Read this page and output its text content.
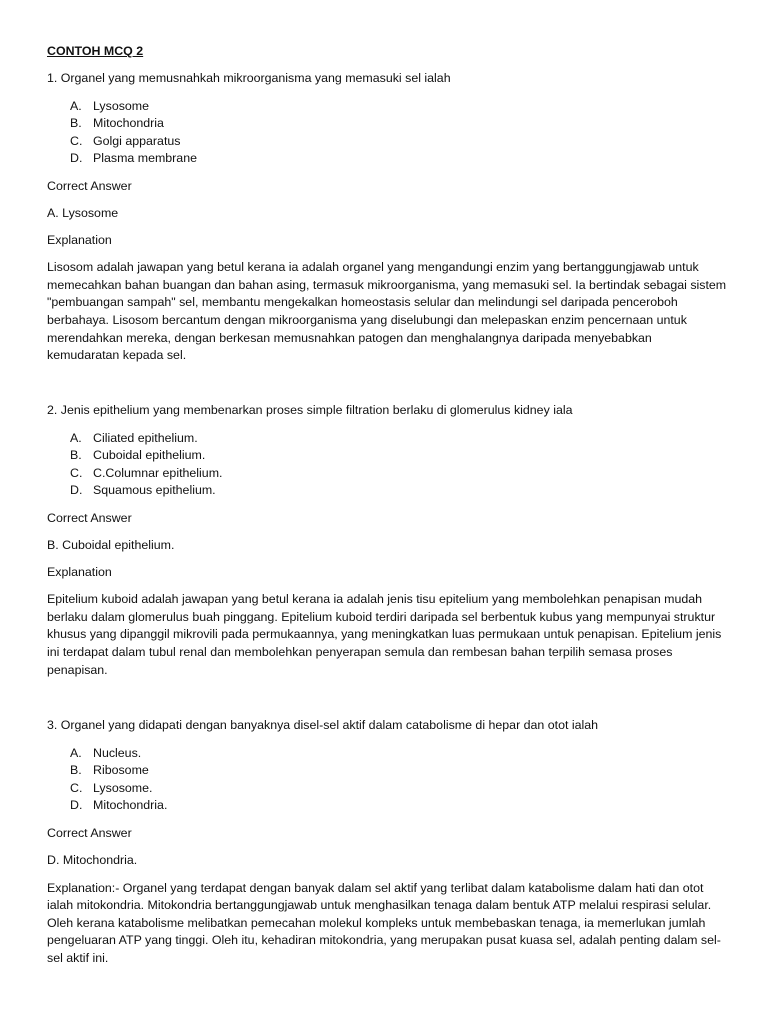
CONTOH MCQ 2

1. Organel yang memusnahkah mikroorganisma yang memasuki sel ialah

A. Lysosome
B. Mitochondria
C. Golgi apparatus
D. Plasma membrane
Correct Answer
A. Lysosome
Explanation

Lisosom adalah jawapan yang betul kerana ia adalah organel yang mengandungi enzim yang bertanggungjawab untuk memecahkan bahan buangan dan bahan asing, termasuk mikroorganisma, yang memasuki sel. Ia bertindak sebagai sistem "pembuangan sampah" sel, membantu mengekalkan homeostasis selular dan melindungi sel daripada penceroboh berbahaya. Lisosom bercantum dengan mikroorganisma yang diselubungi dan melepaskan enzim pencernaan untuk merendahkan mereka, dengan berkesan memusnahkan patogen dan menghalangnya daripada menyebabkan kemudaratan kepada sel.

2. Jenis epithelium yang membenarkan proses simple filtration berlaku di glomerulus kidney iala

A. Ciliated epithelium.
B. Cuboidal epithelium.
C. C.Columnar epithelium.
D. Squamous epithelium.
Correct Answer
B. Cuboidal epithelium.
Explanation

Epitelium kuboid adalah jawapan yang betul kerana ia adalah jenis tisu epitelium yang membolehkan penapisan mudah berlaku dalam glomerulus buah pinggang. Epitelium kuboid terdiri daripada sel berbentuk kubus yang mempunyai struktur khusus yang dipanggil mikrovili pada permukaannya, yang meningkatkan luas permukaan untuk penapisan. Epitelium jenis ini terdapat dalam tubul renal dan membolehkan penyerapan semula dan rembesan bahan terpilih semasa proses penapisan.

3. Organel yang didapati dengan banyaknya disel-sel aktif dalam catabolisme di hepar dan otot ialah

A. Nucleus.
B. Ribosome
C. Lysosome.
D. Mitochondria.
Correct Answer
D. Mitochondria.

Explanation:- Organel yang terdapat dengan banyak dalam sel aktif yang terlibat dalam katabolisme dalam hati dan otot ialah mitokondria. Mitokondria bertanggungjawab untuk menghasilkan tenaga dalam bentuk ATP melalui respirasi selular. Oleh kerana katabolisme melibatkan pemecahan molekul kompleks untuk membebaskan tenaga, ia memerlukan jumlah pengeluaran ATP yang tinggi. Oleh itu, kehadiran mitokondria, yang merupakan pusat kuasa sel, adalah penting dalam sel-sel aktif ini.
